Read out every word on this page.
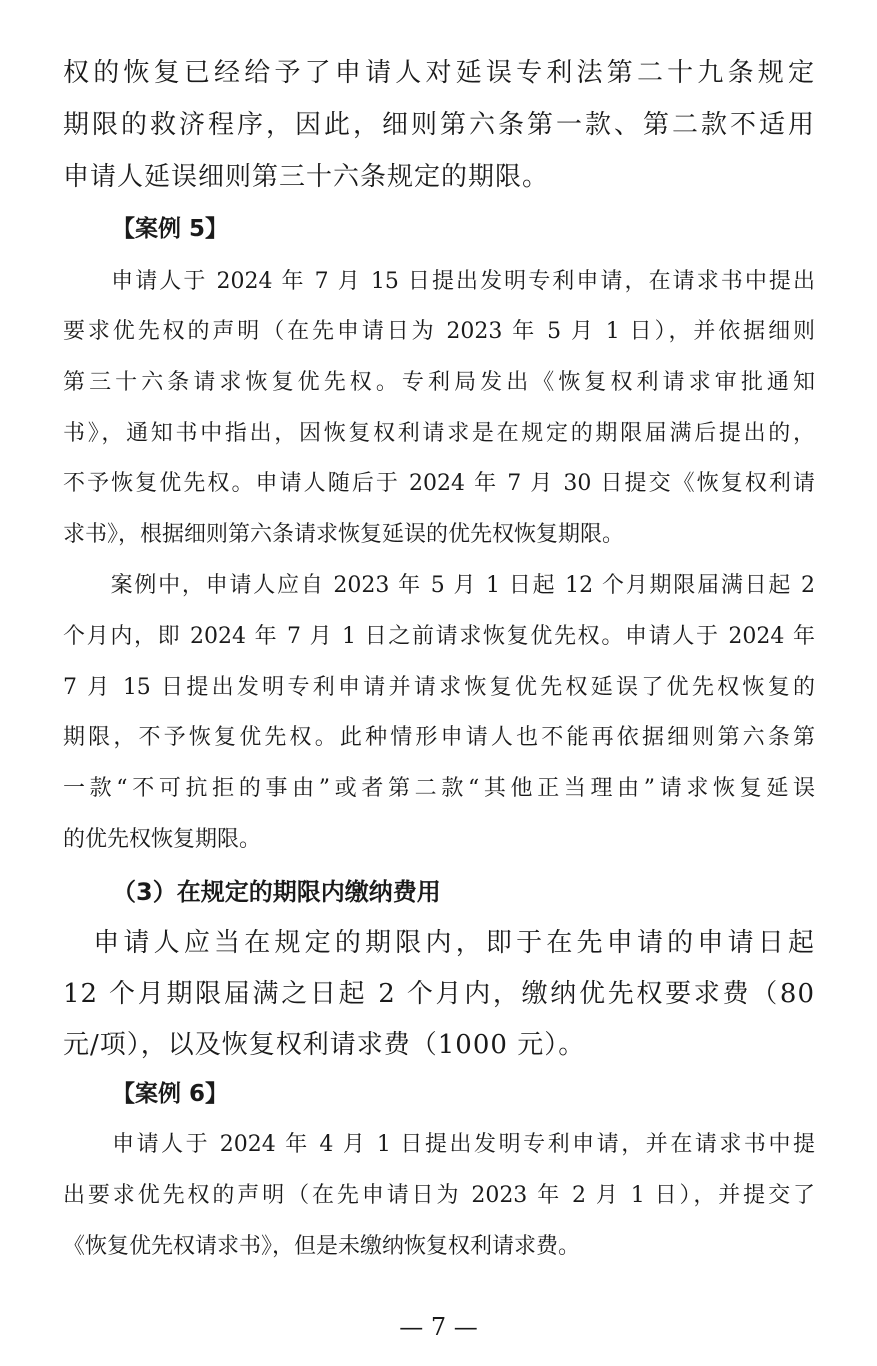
权的恢复已经给予了申请人对延误专利法第二十九条规定
期限的救济程序，因此，细则第六条第一款、第二款不适用
申请人延误细则第三十六条规定的期限。
【案例 5】
　　申请人于 2024 年 7 月 15 日提出发明专利申请，在请求书中提出
要求优先权的声明（在先申请日为 2023 年 5 月 1 日），并依据细则
第三十六条请求恢复优先权。专利局发出《恢复权利请求审批通知
书》，通知书中指出，因恢复权利请求是在规定的期限届满后提出的，
不予恢复优先权。申请人随后于 2024 年 7 月 30 日提交《恢复权利请
求书》，根据细则第六条请求恢复延误的优先权恢复期限。
　　案例中，申请人应自 2023 年 5 月 1 日起 12 个月期限届满日起 2
个月内，即 2024 年 7 月 1 日之前请求恢复优先权。申请人于 2024 年
7 月 15 日提出发明专利申请并请求恢复优先权延误了优先权恢复的
期限，不予恢复优先权。此种情形申请人也不能再依据细则第六条第
一款“不可抗拒的事由”或者第二款“其他正当理由”请求恢复延误
的优先权恢复期限。
（3）在规定的期限内缴纳费用
　申请人应当在规定的期限内，即于在先申请的申请日起
12 个月期限届满之日起 2 个月内，缴纳优先权要求费（80
元/项），以及恢复权利请求费（1000 元）。
【案例 6】
　　申请人于 2024 年 4 月 1 日提出发明专利申请，并在请求书中提
出要求优先权的声明（在先申请日为 2023 年 2 月 1 日），并提交了
《恢复优先权请求书》，但是未缴纳恢复权利请求费。
— 7 —
